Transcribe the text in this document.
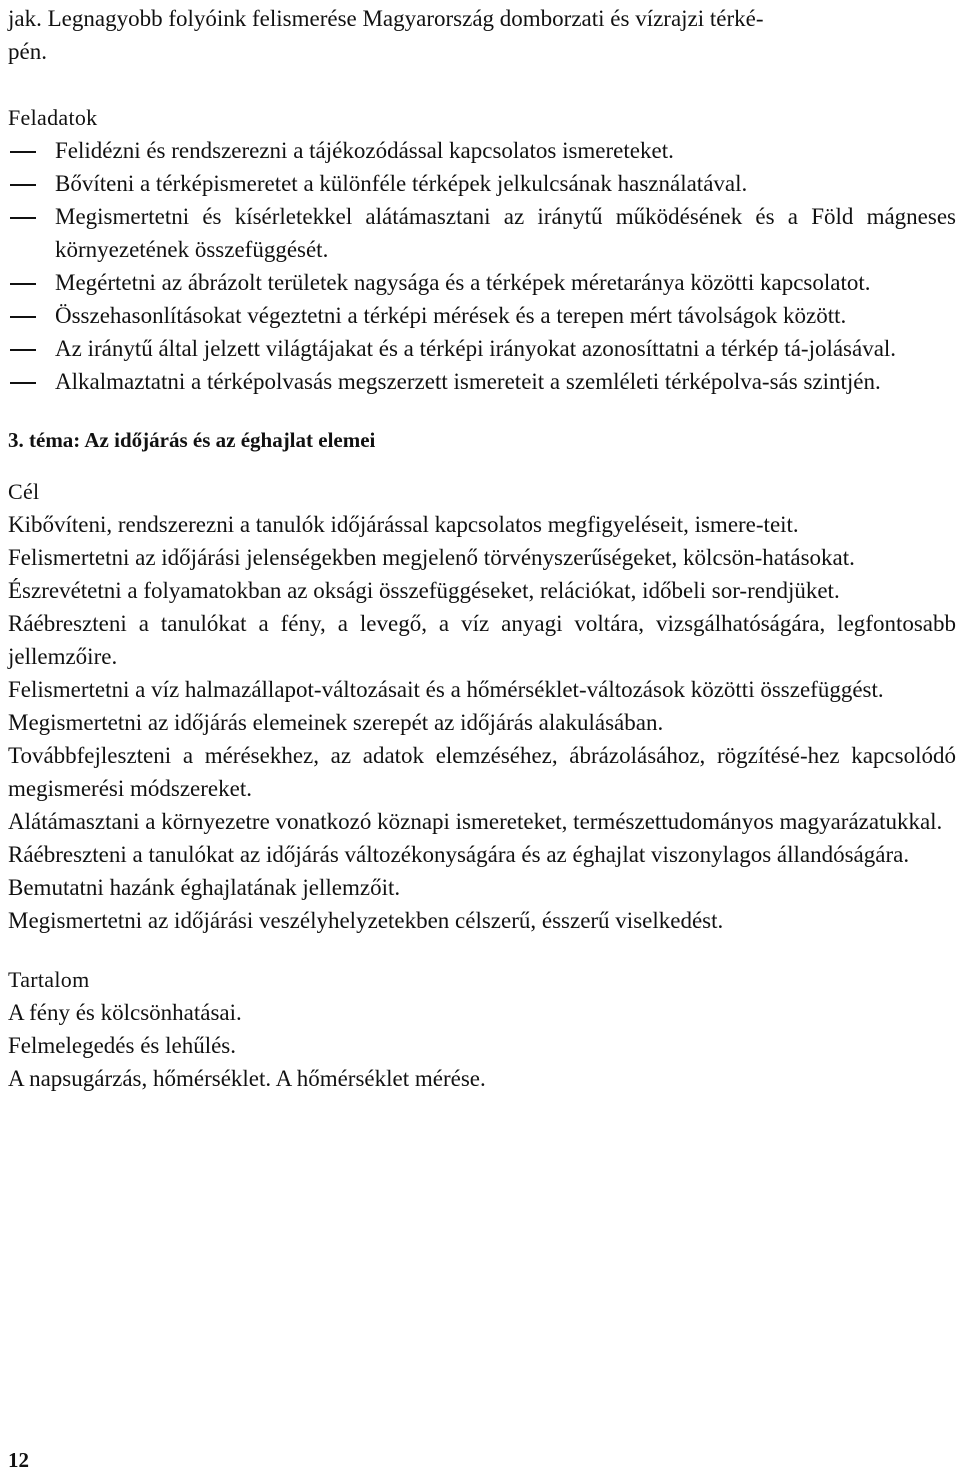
jak. Legnagyobb folyóink felismerése Magyarország domborzati és vízrajzi térké-

pén.

Feladatok

Felidézni és rendszerezni a tájékozódással kapcsolatos ismereteket.

Bővíteni a térképismeretet a különféle térképek jelkulcsának használatával.

Megismertetni és kísérletekkel alátámasztani az iránytű működésének és a Föld mágneses környezetének összefüggését.

Megértetni az ábrázolt területek nagysága és a térképek méretaránya közötti kapcsolatot.

Összehasonlításokat végeztetni a térképi mérések és a terepen mért távolságok között.

Az iránytű által jelzett világtájakat és a térképi irányokat azonosíttatni a térkép tá-jolásával.

Alkalmaztatni a térképolvasás megszerzett ismereteit a szemléleti térképolva-sás szintjén.

3. téma: Az időjárás és az éghajlat elemei

Cél

Kibővíteni, rendszerezni a tanulók időjárással kapcsolatos megfigyeléseit, ismere-teit.

Felismertetni az időjárási jelenségekben megjelenő törvényszerűségeket, kölcsön-hatásokat.

Észrevétetni a folyamatokban az oksági összefüggéseket, relációkat, időbeli sor-rendjüket.

Ráébreszteni a tanulókat a fény, a levegő, a víz anyagi voltára, vizsgálhatóságára, legfontosabb jellemzőire.

Felismertetni a víz halmazállapot-változásait és a hőmérséklet-változások közötti összefüggést.

Megismertetni az időjárás elemeinek szerepét az időjárás alakulásában.

Továbbfejleszteni a mérésekhez, az adatok elemzéséhez, ábrázolásához, rögzítésé-hez kapcsolódó megismerési módszereket.

Alátámasztani a környezetre vonatkozó köznapi ismereteket, természettudományos magyarázatukkal.

Ráébreszteni a tanulókat az időjárás változékonyságára és az éghajlat viszonylagos állandóságára.

Bemutatni hazánk éghajlatának jellemzőit.

Megismertetni az időjárási veszélyhelyzetekben célszerű, ésszerű viselkedést.

Tartalom

A fény és kölcsönhatásai.

Felmelegedés és lehűlés.

A napsugárzás, hőmérséklet. A hőmérséklet mérése.

12
